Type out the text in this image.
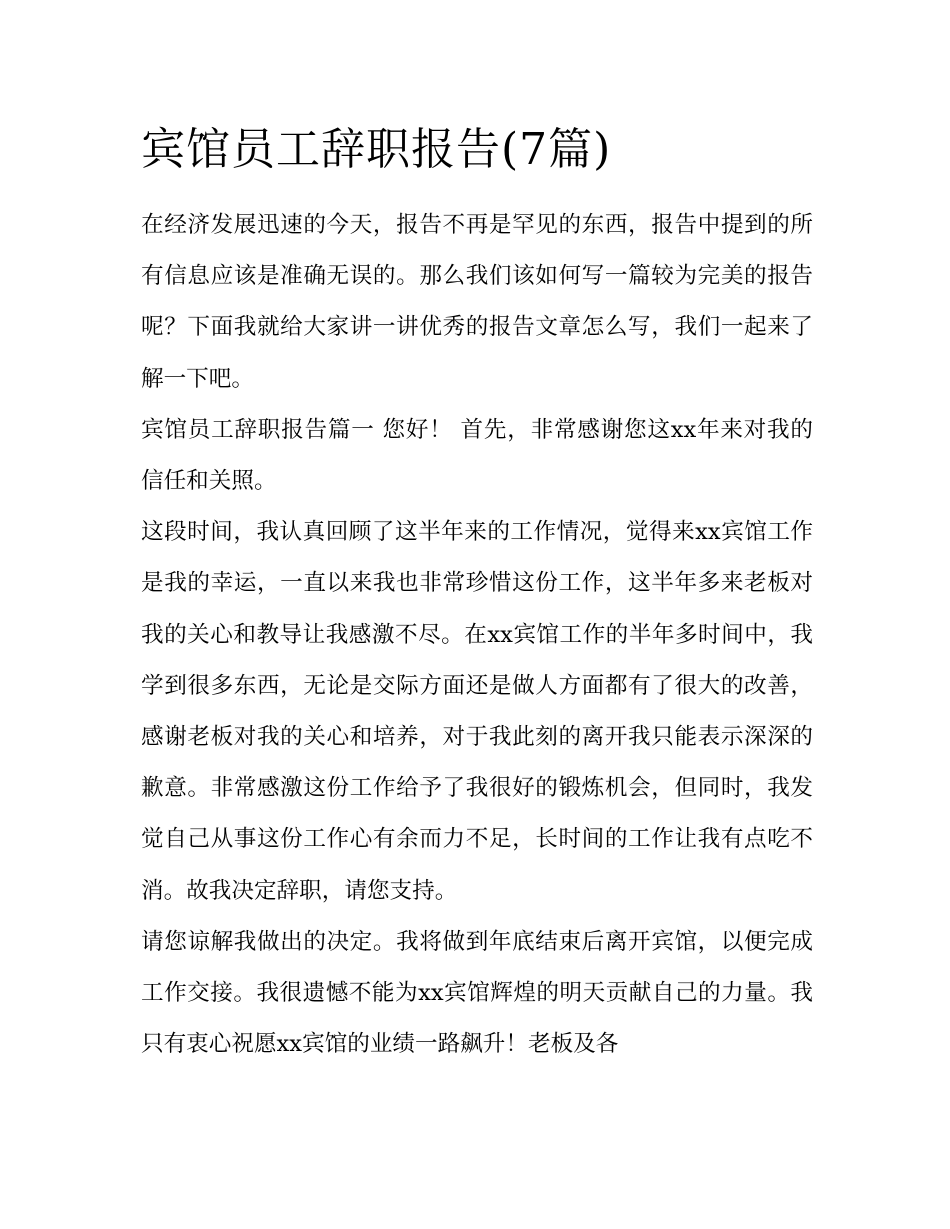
宾馆员工辞职报告(7篇)

在经济发展迅速的今天，报告不再是罕见的东西，报告中提到的所有信息应该是准确无误的。那么我们该如何写一篇较为完美的报告呢？下面我就给大家讲一讲优秀的报告文章怎么写，我们一起来了解一下吧。

宾馆员工辞职报告篇一 您好！ 首先，非常感谢您这xx年来对我的信任和关照。

这段时间，我认真回顾了这半年来的工作情况，觉得来xx宾馆工作是我的幸运，一直以来我也非常珍惜这份工作，这半年多来老板对我的关心和教导让我感激不尽。在xx宾馆工作的半年多时间中，我学到很多东西，无论是交际方面还是做人方面都有了很大的改善，感谢老板对我的关心和培养，对于我此刻的离开我只能表示深深的歉意。非常感激这份工作给予了我很好的锻炼机会，但同时，我发觉自己从事这份工作心有余而力不足，长时间的工作让我有点吃不消。故我决定辞职，请您支持。

请您谅解我做出的决定。我将做到年底结束后离开宾馆，以便完成工作交接。我很遗憾不能为xx宾馆辉煌的明天贡献自己的力量。我只有衷心祝愿xx宾馆的业绩一路飙升！老板及各
